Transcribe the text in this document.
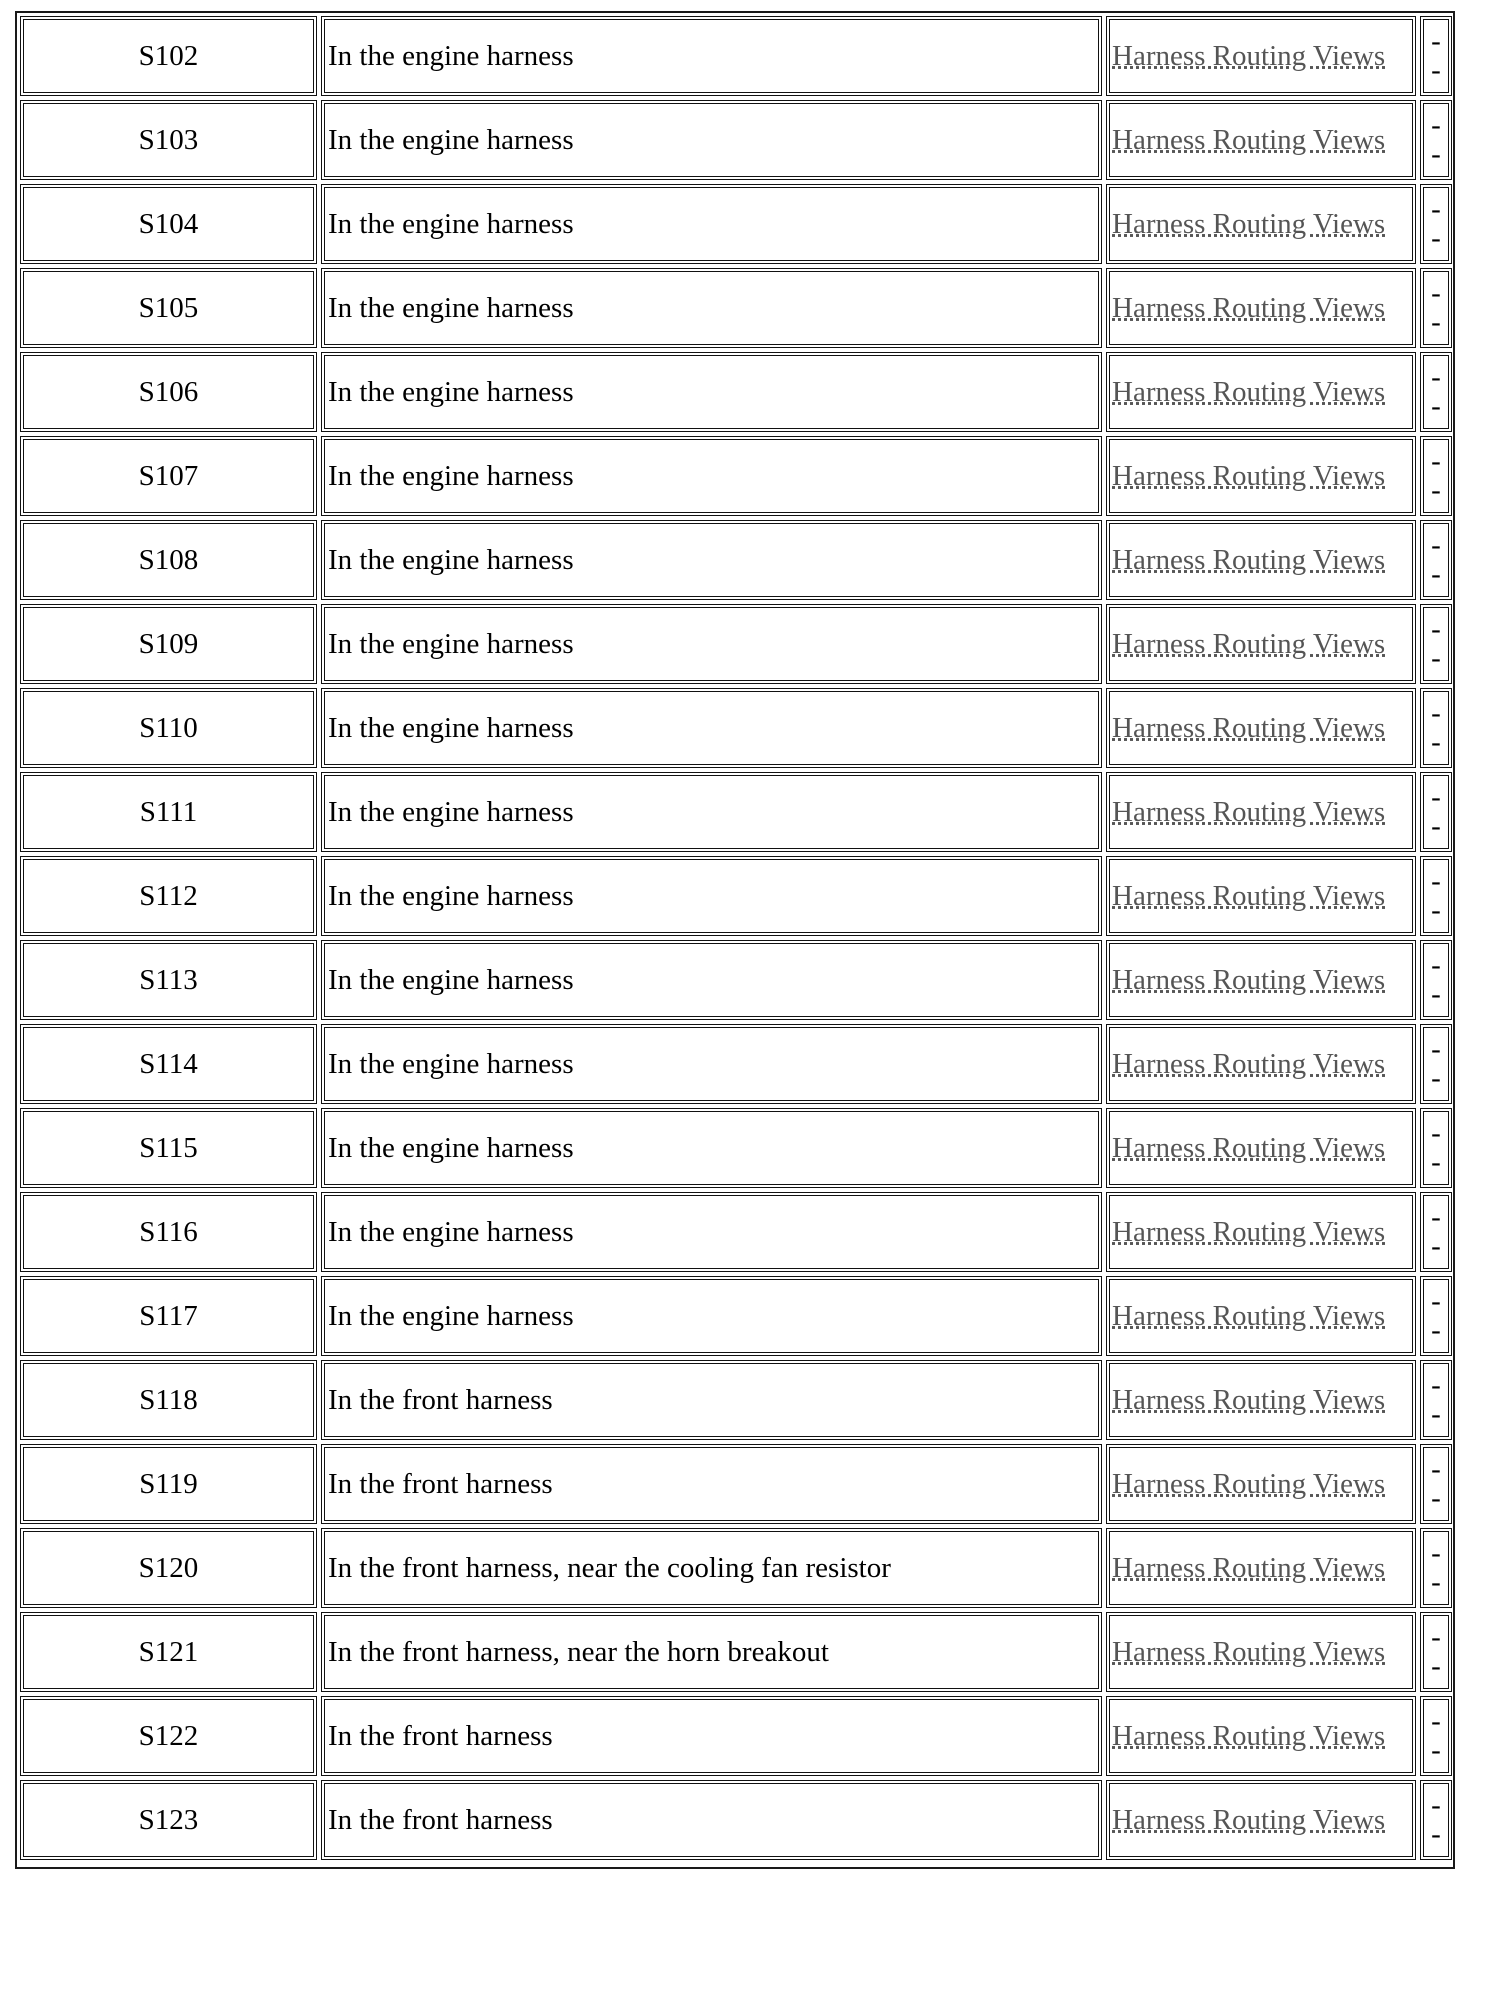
S102	In the engine harness	Harness Routing Views	-
-

S103	In the engine harness	Harness Routing Views	-
-

S104	In the engine harness	Harness Routing Views	-
-

S105	In the engine harness	Harness Routing Views	-
-

S106	In the engine harness	Harness Routing Views	-
-

S107	In the engine harness	Harness Routing Views	-
-

S108	In the engine harness	Harness Routing Views	-
-

S109	In the engine harness	Harness Routing Views	-
-

S110	In the engine harness	Harness Routing Views	-
-

S111	In the engine harness	Harness Routing Views	-
-

S112	In the engine harness	Harness Routing Views	-
-

S113	In the engine harness	Harness Routing Views	-
-

S114	In the engine harness	Harness Routing Views	-
-

S115	In the engine harness	Harness Routing Views	-
-

S116	In the engine harness	Harness Routing Views	-
-

S117	In the engine harness	Harness Routing Views	-
-

S118	In the front harness	Harness Routing Views	-
-

S119	In the front harness	Harness Routing Views	-
-

S120	In the front harness, near the cooling fan resistor	Harness Routing Views	-
-

S121	In the front harness, near the horn breakout	Harness Routing Views	-
-

S122	In the front harness	Harness Routing Views	-
-

S123	In the front harness	Harness Routing Views	-
-
